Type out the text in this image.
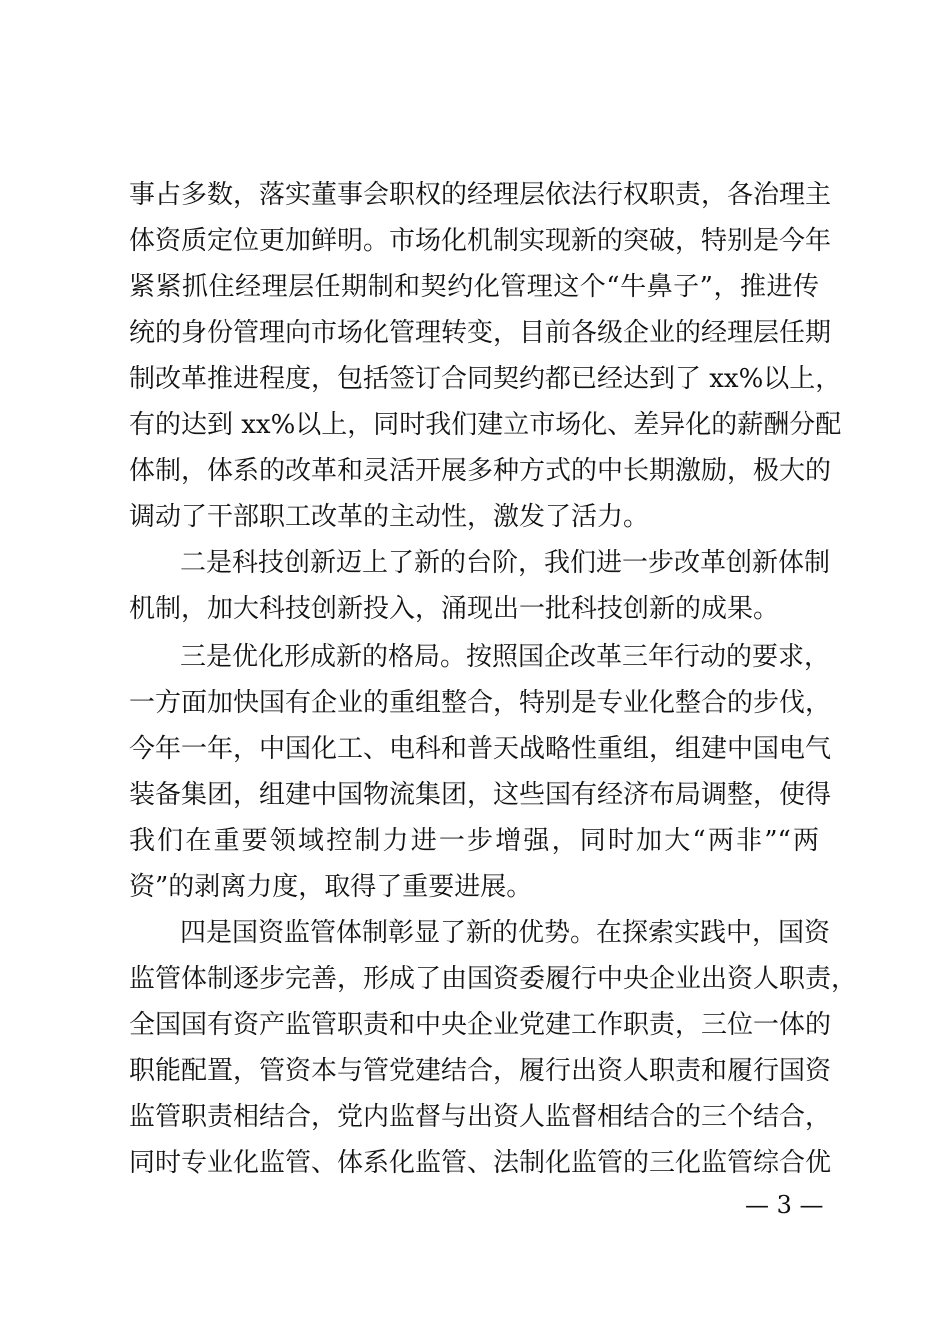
事占多数，落实董事会职权的经理层依法行权职责，各治理主
体资质定位更加鲜明。市场化机制实现新的突破，特别是今年
紧紧抓住经理层任期制和契约化管理这个“牛鼻子”，推进传
统的身份管理向市场化管理转变，目前各级企业的经理层任期
制改革推进程度，包括签订合同契约都已经达到了 xx%以上，
有的达到 xx%以上，同时我们建立市场化、差异化的薪酬分配
体制，体系的改革和灵活开展多种方式的中长期激励，极大的
调动了干部职工改革的主动性，激发了活力。
二是科技创新迈上了新的台阶，我们进一步改革创新体制
机制，加大科技创新投入，涌现出一批科技创新的成果。
三是优化形成新的格局。按照国企改革三年行动的要求，
一方面加快国有企业的重组整合，特别是专业化整合的步伐，
今年一年，中国化工、电科和普天战略性重组，组建中国电气
装备集团，组建中国物流集团，这些国有经济布局调整，使得
我们在重要领域控制力进一步增强，同时加大“两非”“两
资”的剥离力度，取得了重要进展。
四是国资监管体制彰显了新的优势。在探索实践中，国资
监管体制逐步完善，形成了由国资委履行中央企业出资人职责，
全国国有资产监管职责和中央企业党建工作职责，三位一体的
职能配置，管资本与管党建结合，履行出资人职责和履行国资
监管职责相结合，党内监督与出资人监督相结合的三个结合，
同时专业化监管、体系化监管、法制化监管的三化监管综合优
— 3 —
